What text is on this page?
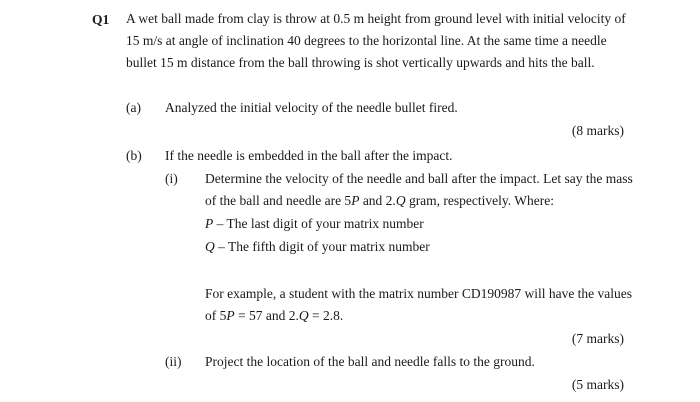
Q1 A wet ball made from clay is throw at 0.5 m height from ground level with initial velocity of
15 m/s at angle of inclination 40 degrees to the horizontal line. At the same time a needle
bullet 15 m distance from the ball throwing is shot vertically upwards and hits the ball.
(a) Analyzed the initial velocity of the needle bullet fired.
(8 marks)
(b) If the needle is embedded in the ball after the impact.
(i) Determine the velocity of the needle and ball after the impact. Let say the mass
of the ball and needle are 5P and 2.Q gram, respectively. Where:
P – The last digit of your matrix number
Q – The fifth digit of your matrix number
For example, a student with the matrix number CD190987 will have the values
of 5P = 57 and 2.Q = 2.8.
(7 marks)
(ii) Project the location of the ball and needle falls to the ground.
(5 marks)
